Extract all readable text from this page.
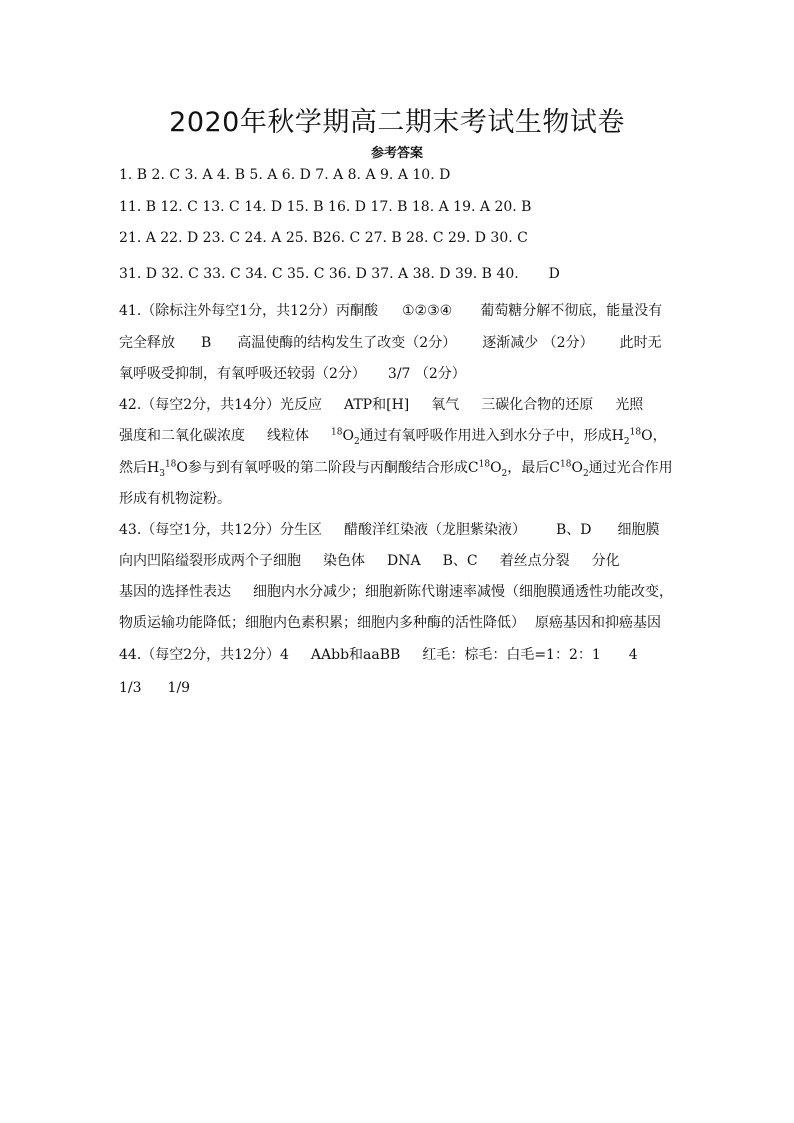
2020年秋学期高二期末考试生物试卷
参考答案
1. B 2. C 3. A 4. B 5. A 6. D 7. A 8. A 9. A 10. D
11. B 12. C 13. C 14. D 15. B 16. D 17. B 18. A 19. A 20. B
21. A 22. D 23. C 24. A 25. B26. C 27. B 28. C 29. D 30. C
31. D 32. C 33. C 34. C 35. C 36. D 37. A 38. D 39. B 40. D
41.（除标注外每空1分，共12分）丙酮酸 ①②③④ 葡萄糖分解不彻底，能量没有
完全释放 B 高温使酶的结构发生了改变（2分） 逐渐减少 （2分） 此时无
氧呼吸受抑制，有氧呼吸还较弱（2分） 3/7 （2分）
42.（每空2分，共14分）光反应 ATP和[H] 氧气 三碳化合物的还原 光照
强度和二氧化碳浓度 线粒体 $^{18}O_2$通过有氧呼吸作用进入到水分子中，形成$H_2^{18}O$，
然后$H_3^{18}O$参与到有氧呼吸的第二阶段与丙酮酸结合形成$C^{18}O_2$，最后$C^{18}O_2$通过光合作用
形成有机物淀粉。
43.（每空1分，共12分）分生区 醋酸洋红染液（龙胆紫染液） B、D 细胞膜
向内凹陷缢裂形成两个子细胞 染色体 DNA B、C 着丝点分裂 分化
基因的选择性表达 细胞内水分减少；细胞新陈代谢速率减慢（细胞膜通透性功能改变，
物质运输功能降低；细胞内色素积累；细胞内多种酶的活性降低） 原癌基因和抑癌基因
44.（每空2分，共12分）4 AAbb和aaBB 红毛：棕毛：白毛=1：2：1 4
1/3 1/9
